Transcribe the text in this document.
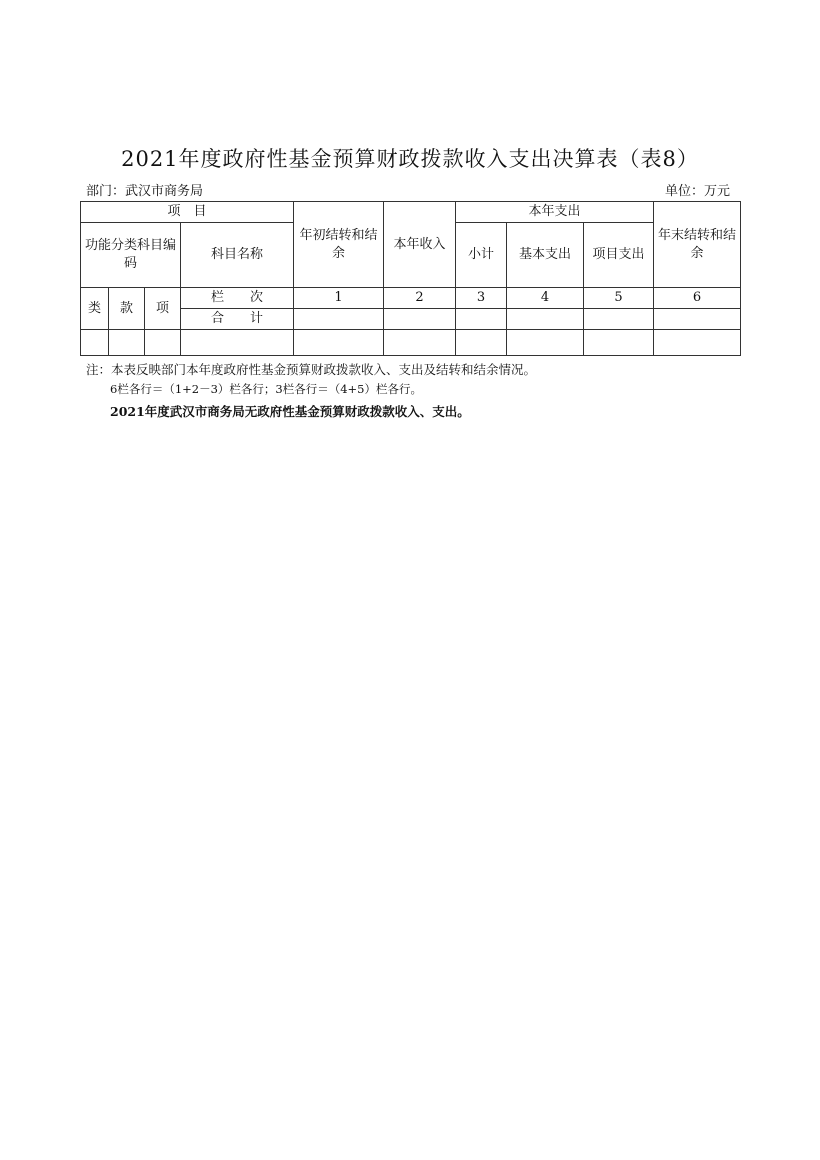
2021年度政府性基金预算财政拨款收入支出决算表（表8）
部门：武汉市商务局	单位：万元
项　目				年初结转和结余	本年收入	本年支出			年末结转和结余
功能分类科目编码			科目名称			小计	基本支出	项目支出	
类	款	项	栏　　次	1	2	3	4	5	6
			合　　计						

注：本表反映部门本年度政府性基金预算财政拨款收入、支出及结转和结余情况。
6栏各行＝（1+2－3）栏各行；3栏各行＝（4+5）栏各行。
2021年度武汉市商务局无政府性基金预算财政拨款收入、支出。
